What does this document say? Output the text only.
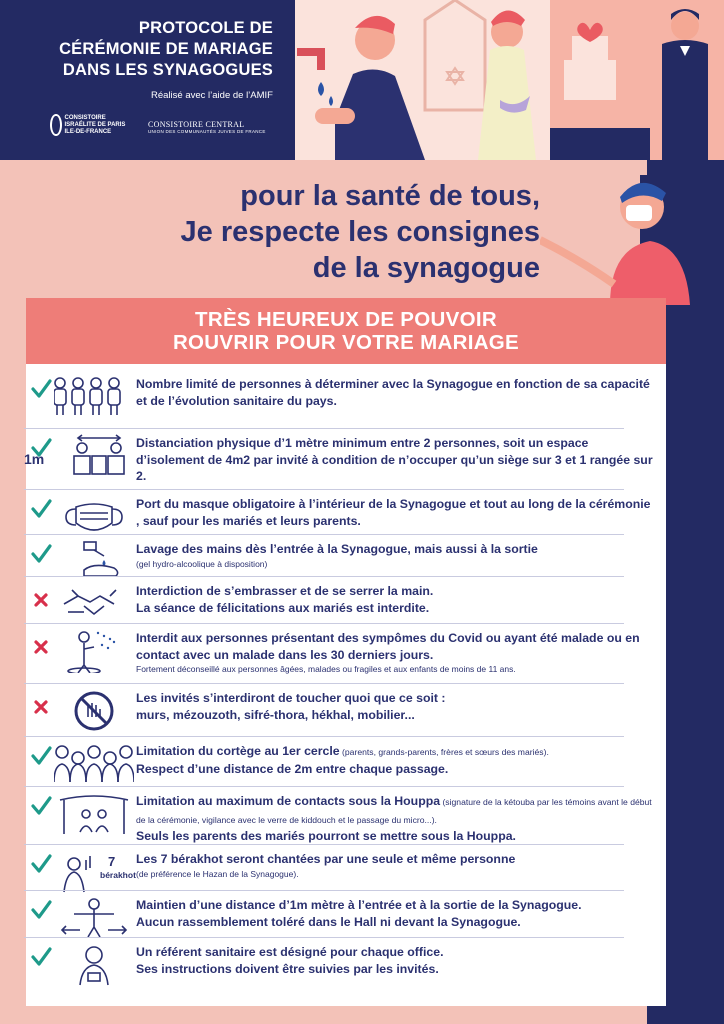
PROTOCOLE DE
CÉRÉMONIE DE MARIAGE
DANS LES SYNAGOGUES
Réalisé avec l’aide de l’AMIF
CONSISTOIRE ISRAÉLITE DE PARIS ILE-DE-FRANCE
CONSISTOIRE CENTRAL
UNION DES COMMUNAUTÉS JUIVES DE FRANCE
pour la santé de tous,
Je respecte les consignes
de la synagogue
TRÈS HEUREUX DE POUVOIR
ROUVRIR POUR VOTRE MARIAGE
Nombre limité de personnes à déterminer avec la Synagogue en fonction de sa capacité et de l’évolution sanitaire du pays.
1m
Distanciation physique d’1 mètre minimum entre 2 personnes, soit un espace d’isolement de 4m2 par invité à condition de n’occuper qu’un siège sur 3 et 1 rangée sur 2.
Port du masque obligatoire à l’intérieur de la Synagogue et tout au long de la cérémonie , sauf pour les mariés et leurs parents.
Lavage des mains dès l’entrée à la Synagogue, mais aussi à la sortie
(gel hydro-alcoolique à disposition)
Interdiction de s’embrasser et de se serrer la main.
La séance de félicitations aux mariés est interdite.
Interdit aux personnes présentant des sympômes du Covid ou ayant été malade ou en contact avec un malade dans les 30 derniers jours.
Fortement déconseillé aux personnes âgées, malades ou fragiles et aux enfants de moins de 11 ans.
Les invités s’interdiront de toucher quoi que ce soit :
murs, mézouzoth, sifré-thora, hékhal, mobilier...
Limitation du cortège au 1er cercle (parents, grands-parents, frères et sœurs des mariés).
Respect d’une distance de 2m entre chaque passage.
Limitation au maximum de contacts sous la Houppa (signature de la kétouba par les témoins avant le début de la cérémonie, vigilance avec le verre de kiddouch et le passage du micro...).
Seuls les parents des mariés pourront se mettre sous la Houppa.
7
bérakhot
Les 7 bérakhot seront chantées par une seule et même personne
(de préférence le Hazan de la Synagogue).
Maintien d’une distance d’1m mètre à l’entrée et à la sortie de la Synagogue.
Aucun rassemblement toléré dans le Hall ni devant la Synagogue.
Un référent sanitaire est désigné pour chaque office.
Ses instructions doivent être suivies par les invités.
